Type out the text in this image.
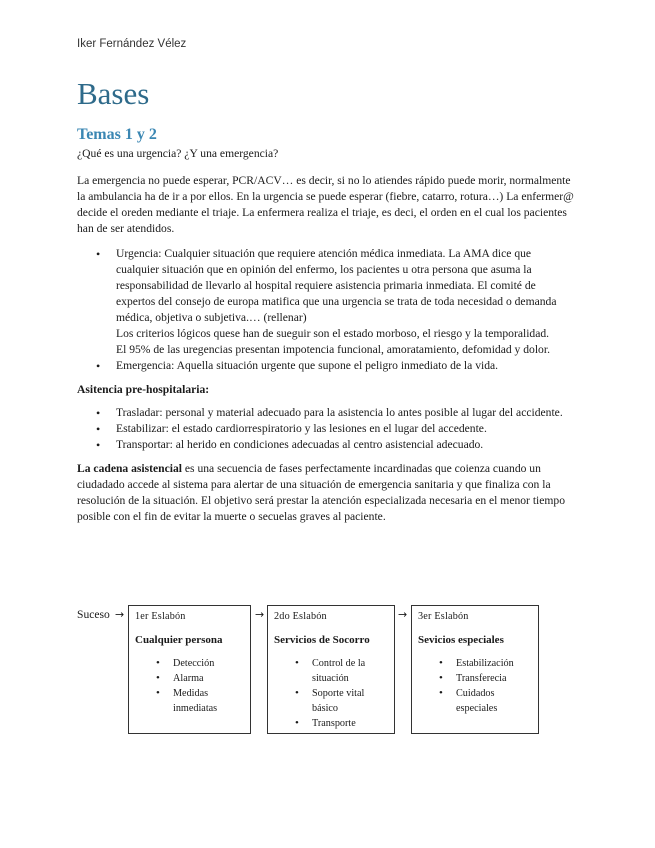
Iker Fernández Vélez
Bases
Temas 1 y 2

¿Qué es una urgencia? ¿Y una emergencia?

La emergencia no puede esperar, PCR/ACV… es decir, si no lo atiendes rápido puede morir, normalmente la ambulancia ha de ir a por ellos. En la urgencia se puede esperar (fiebre, catarro, rotura…) La enfermer@ decide el oreden mediante el triaje. La enfermera realiza el triaje, es deci, el orden en el cual los pacientes han de ser atendidos.

• Urgencia: Cualquier situación que requiere atención médica inmediata. La AMA dice que cualquier situación que en opinión del enfermo, los pacientes u otra persona que asuma la responsabilidad de llevarlo al hospital requiere asistencia primaria inmediata. El comité de expertos del consejo de europa matifica que una urgencia se trata de toda necesidad o demanda médica, objetiva o subjetiva.… (rellenar)
Los criterios lógicos quese han de sueguir son el estado morboso, el riesgo y la temporalidad.
El 95% de las uregencias presentan impotencia funcional, amoratamiento, defomidad y dolor.
• Emergencia: Aquella situación urgente que supone el peligro inmediato de la vida.

Asitencia pre-hospitalaria:

• Trasladar: personal y material adecuado para la asistencia lo antes posible al lugar del accidente.
• Estabilizar: el estado cardiorrespiratorio y las lesiones en el lugar del accedente.
• Transportar: al herido en condiciones adecuadas al centro asistencial adecuado.

La cadena asistencial es una secuencia de fases perfectamente incardinadas que coienza cuando un ciudadado accede al sistema para alertar de una situación de emergencia sanitaria y que finaliza con la resolución de la situación. El objetivo será prestar la atención especializada necesaria en el menor tiempo posible con el fin de evitar la muerte o secuelas graves al paciente.

Suceso → 1er Eslabón
Cualquier persona
• Detección
• Alarma
• Medidas inmediatas
→ 2do Eslabón
Servicios de Socorro
• Control de la situación
• Soporte vital básico
• Transporte
→ 3er Eslabón
Sevicios especiales
• Estabilización
• Transferecia
• Cuidados especiales
